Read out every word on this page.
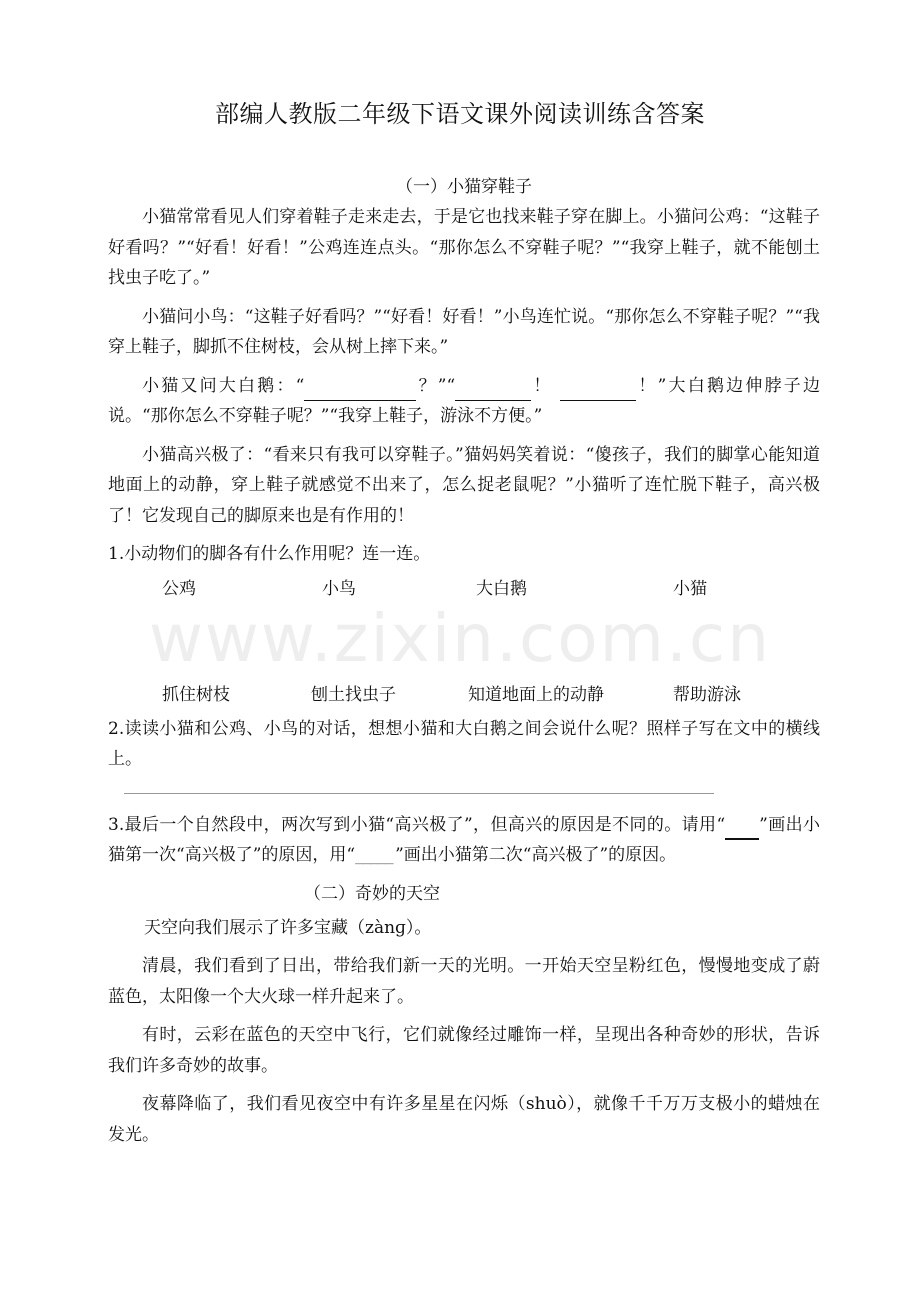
部编人教版二年级下语文课外阅读训练含答案
www.zixin.com.cn
（一）小猫穿鞋子

小猫常常看见人们穿着鞋子走来走去，于是它也找来鞋子穿在脚上。小猫问公鸡：“这鞋子好看吗？”“好看！好看！”公鸡连连点头。“那你怎么不穿鞋子呢？”“我穿上鞋子，就不能刨土找虫子吃了。”

小猫问小鸟：“这鞋子好看吗？”“好看！好看！”小鸟连忙说。“那你怎么不穿鞋子呢？”“我穿上鞋子，脚抓不住树枝，会从树上摔下来。”

小猫又问大白鹅：“	？”“	！	！”大白鹅边伸脖子边说。“那你怎么不穿鞋子呢？”“我穿上鞋子，游泳不方便。”

小猫高兴极了：“看来只有我可以穿鞋子。”猫妈妈笑着说：“傻孩子，我们的脚掌心能知道地面上的动静，穿上鞋子就感觉不出来了，怎么捉老鼠呢？”小猫听了连忙脱下鞋子，高兴极了！它发现自己的脚原来也是有作用的！

1.小动物们的脚各有什么作用呢？连一连。

公鸡	小鸟	大白鹅	小猫
抓住树枝	刨土找虫子	知道地面上的动静	帮助游泳

2.读读小猫和公鸡、小鸟的对话，想想小猫和大白鹅之间会说什么呢？照样子写在文中的横线上。

3.最后一个自然段中，两次写到小猫“高兴极了”，但高兴的原因是不同的。请用“ ”画出小猫第一次“高兴极了”的原因，用“_____ ”画出小猫第二次“高兴极了”的原因。

（二）奇妙的天空

天空向我们展示了许多宝藏（zànɡ）。

清晨，我们看到了日出，带给我们新一天的光明。一开始天空呈粉红色，慢慢地变成了蔚蓝色，太阳像一个大火球一样升起来了。

有时，云彩在蓝色的天空中飞行，它们就像经过雕饰一样，呈现出各种奇妙的形状，告诉我们许多奇妙的故事。

夜幕降临了，我们看见夜空中有许多星星在闪烁（shuò），就像千千万万支极小的蜡烛在发光。
